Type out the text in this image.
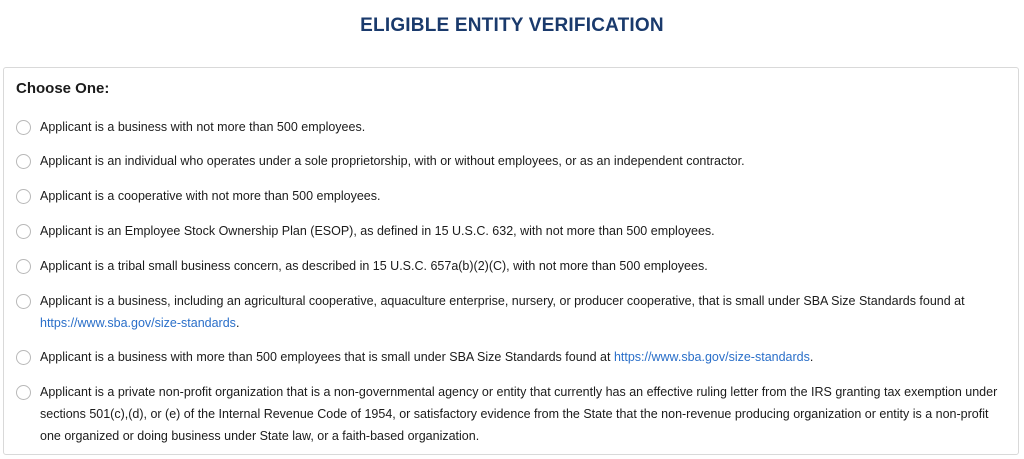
ELIGIBLE ENTITY VERIFICATION
Choose One:
Applicant is a business with not more than 500 employees.
Applicant is an individual who operates under a sole proprietorship, with or without employees, or as an independent contractor.
Applicant is a cooperative with not more than 500 employees.
Applicant is an Employee Stock Ownership Plan (ESOP), as defined in 15 U.S.C. 632, with not more than 500 employees.
Applicant is a tribal small business concern, as described in 15 U.S.C. 657a(b)(2)(C), with not more than 500 employees.
Applicant is a business, including an agricultural cooperative, aquaculture enterprise, nursery, or producer cooperative, that is small under SBA Size Standards found at https://www.sba.gov/size-standards.
Applicant is a business with more than 500 employees that is small under SBA Size Standards found at https://www.sba.gov/size-standards.
Applicant is a private non-profit organization that is a non-governmental agency or entity that currently has an effective ruling letter from the IRS granting tax exemption under sections 501(c),(d), or (e) of the Internal Revenue Code of 1954, or satisfactory evidence from the State that the non-revenue producing organization or entity is a non-profit one organized or doing business under State law, or a faith-based organization.
